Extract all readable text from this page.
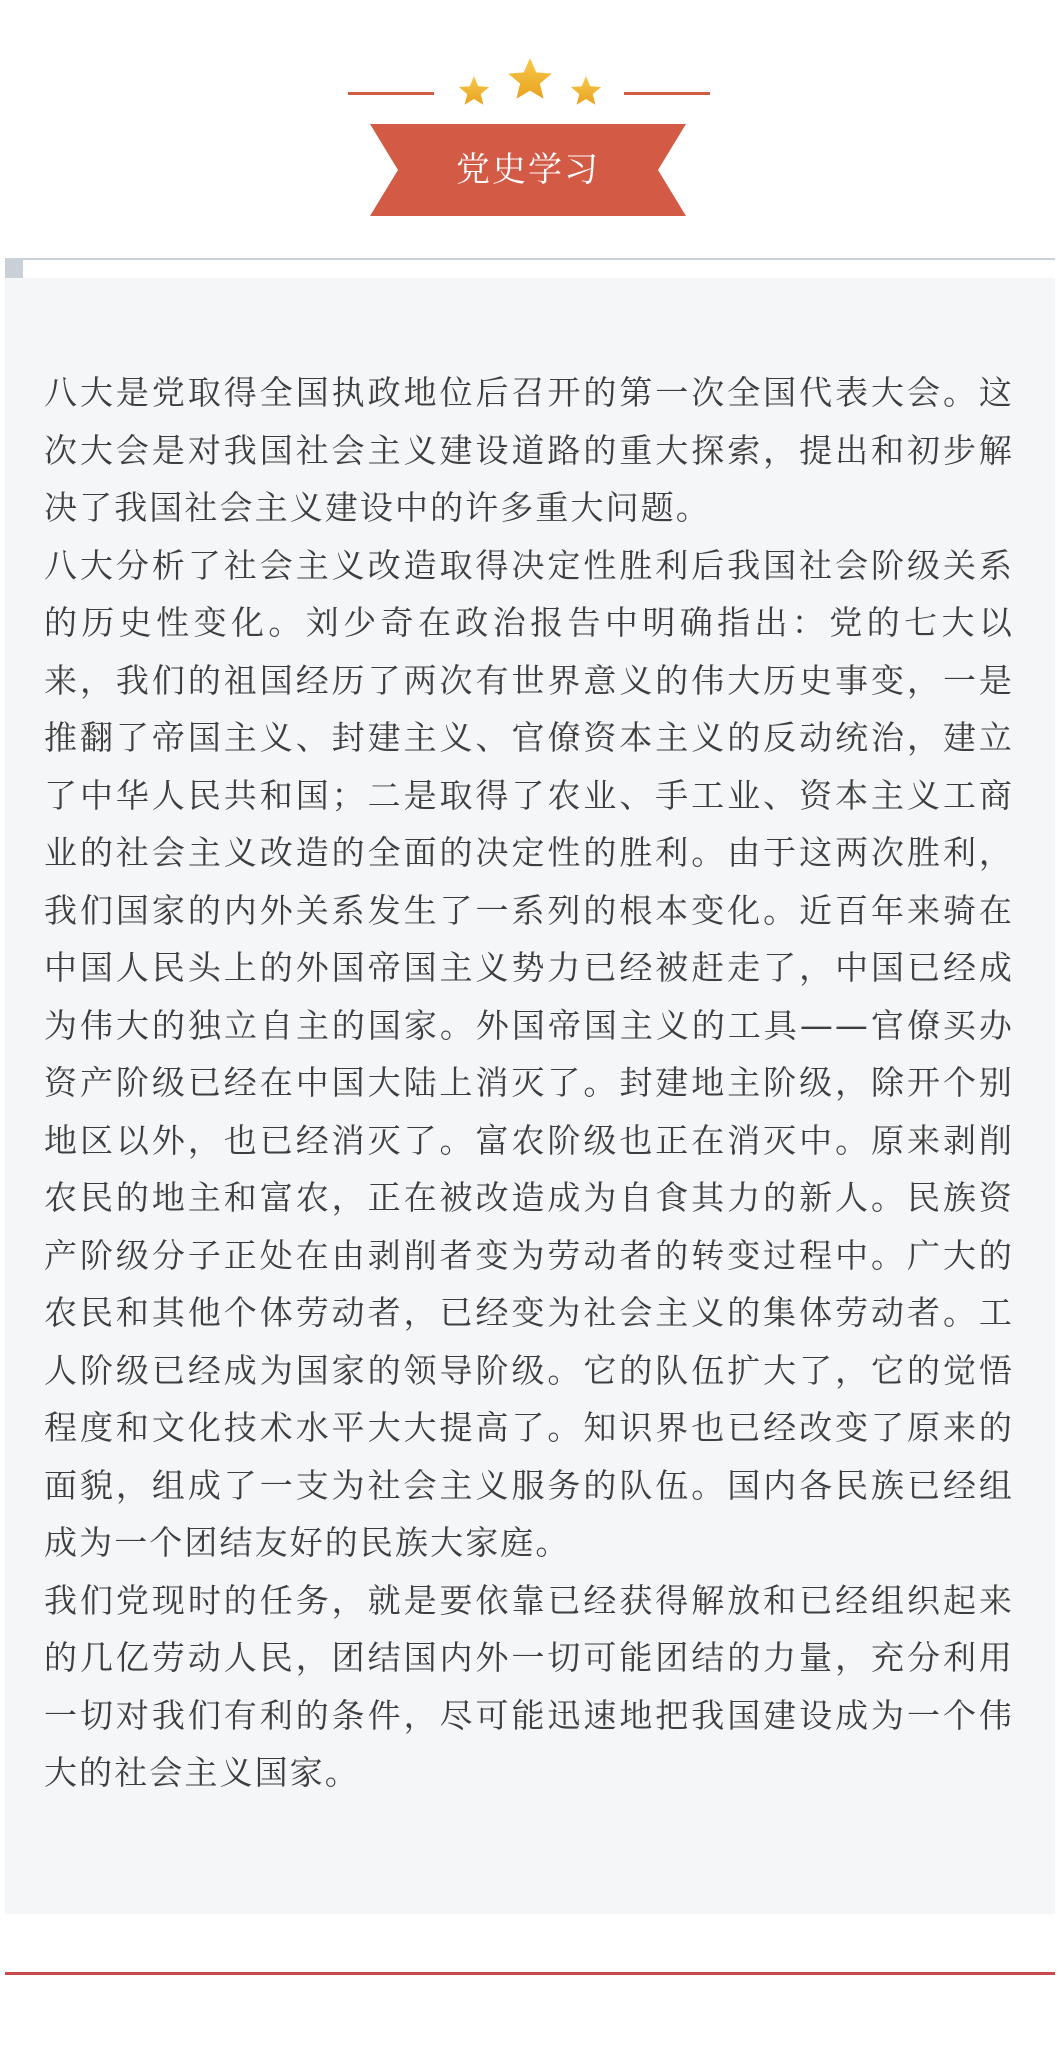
党史学习

八大是党取得全国执政地位后召开的第一次全国代表大会。这次大会是对我国社会主义建设道路的重大探索，提出和初步解决了我国社会主义建设中的许多重大问题。

八大分析了社会主义改造取得决定性胜利后我国社会阶级关系的历史性变化。刘少奇在政治报告中明确指出：党的七大以来，我们的祖国经历了两次有世界意义的伟大历史事变，一是推翻了帝国主义、封建主义、官僚资本主义的反动统治，建立了中华人民共和国；二是取得了农业、手工业、资本主义工商业的社会主义改造的全面的决定性的胜利。由于这两次胜利，我们国家的内外关系发生了一系列的根本变化。近百年来骑在中国人民头上的外国帝国主义势力已经被赶走了，中国已经成为伟大的独立自主的国家。外国帝国主义的工具——官僚买办资产阶级已经在中国大陆上消灭了。封建地主阶级，除开个别地区以外，也已经消灭了。富农阶级也正在消灭中。原来剥削农民的地主和富农，正在被改造成为自食其力的新人。民族资产阶级分子正处在由剥削者变为劳动者的转变过程中。广大的农民和其他个体劳动者，已经变为社会主义的集体劳动者。工人阶级已经成为国家的领导阶级。它的队伍扩大了，它的觉悟程度和文化技术水平大大提高了。知识界也已经改变了原来的面貌，组成了一支为社会主义服务的队伍。国内各民族已经组成为一个团结友好的民族大家庭。

我们党现时的任务，就是要依靠已经获得解放和已经组织起来的几亿劳动人民，团结国内外一切可能团结的力量，充分利用一切对我们有利的条件，尽可能迅速地把我国建设成为一个伟大的社会主义国家。
